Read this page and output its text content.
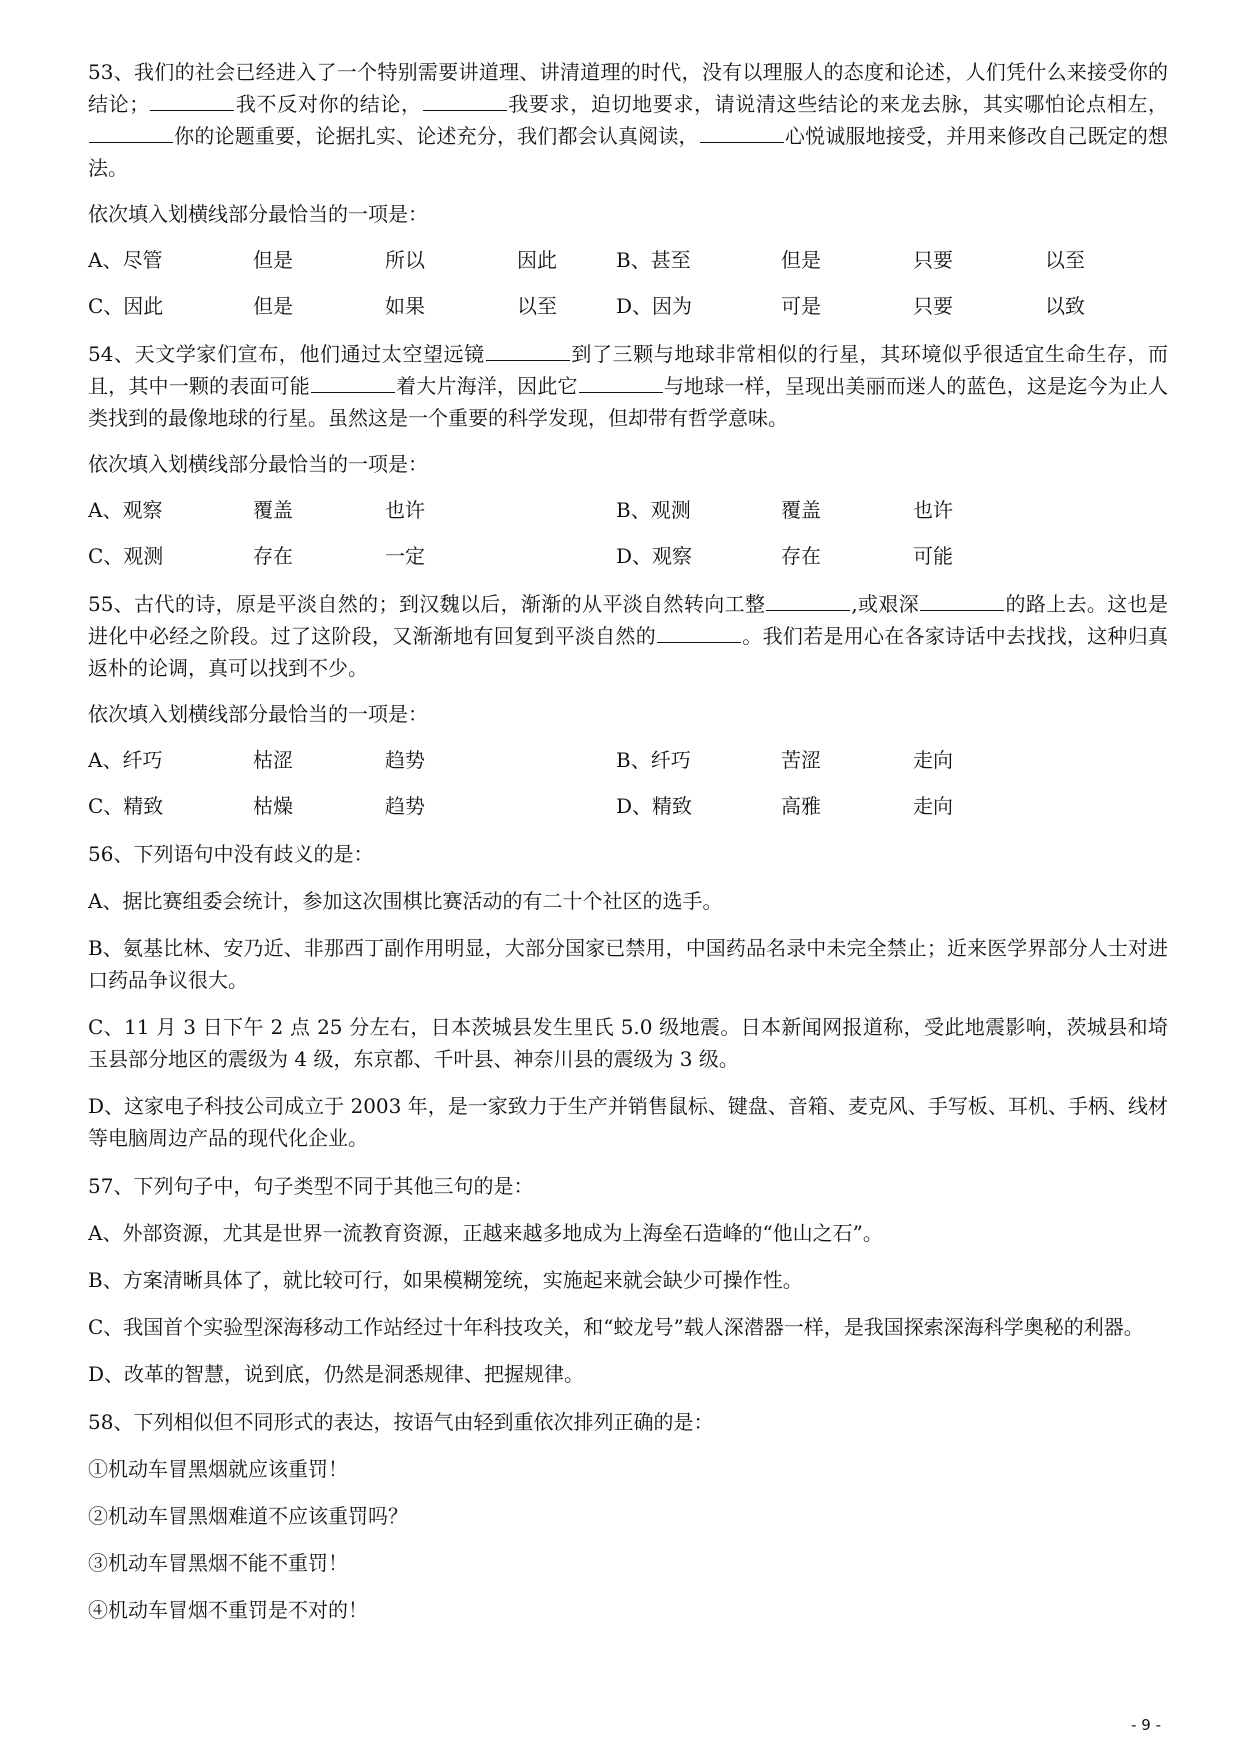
53、我们的社会已经进入了一个特别需要讲道理、讲清道理的时代，没有以理服人的态度和论述，人们凭什么来接受你的结论；	我不反对你的结论，	我要求，迫切地要求，请说清这些结论的来龙去脉，其实哪怕论点相左，你的论题重要，论据扎实、论述充分，我们都会认真阅读，	心悦诚服地接受，并用来修改自己既定的想法。

依次填入划横线部分最恰当的一项是：

A、尽管	但是	所以	因此	B、甚至	但是	只要	以至
C、因此	但是	如果	以至	D、因为	可是	只要	以致

54、天文学家们宣布，他们通过太空望远镜	到了三颗与地球非常相似的行星，其环境似乎很适宜生命生存，而且，其中一颗的表面可能	着大片海洋，因此它	与地球一样，呈现出美丽而迷人的蓝色，这是迄今为止人类找到的最像地球的行星。虽然这是一个重要的科学发现，但却带有哲学意味。

依次填入划横线部分最恰当的一项是：

A、观察	覆盖	也许	B、观测	覆盖	也许
C、观测	存在	一定	D、观察	存在	可能

55、古代的诗，原是平淡自然的；到汉魏以后，渐渐的从平淡自然转向工整	,或艰深	的路上去。这也是进化中必经之阶段。过了这阶段，又渐渐地有回复到平淡自然的	。我们若是用心在各家诗话中去找找，这种归真返朴的论调，真可以找到不少。

依次填入划横线部分最恰当的一项是：

A、纤巧	枯涩	趋势	B、纤巧	苦涩	走向
C、精致	枯燥	趋势	D、精致	高雅	走向

56、下列语句中没有歧义的是：

A、据比赛组委会统计，参加这次围棋比赛活动的有二十个社区的选手。

B、氨基比林、安乃近、非那西丁副作用明显，大部分国家已禁用，中国药品名录中未完全禁止；近来医学界部分人士对进口药品争议很大。

C、11 月 3 日下午 2 点 25 分左右，日本茨城县发生里氏 5.0 级地震。日本新闻网报道称，受此地震影响，茨城县和埼玉县部分地区的震级为 4 级，东京都、千叶县、神奈川县的震级为 3 级。

D、这家电子科技公司成立于 2003 年，是一家致力于生产并销售鼠标、键盘、音箱、麦克风、手写板、耳机、手柄、线材等电脑周边产品的现代化企业。

57、下列句子中，句子类型不同于其他三句的是：

A、外部资源，尤其是世界一流教育资源，正越来越多地成为上海垒石造峰的“他山之石”。

B、方案清晰具体了，就比较可行，如果模糊笼统，实施起来就会缺少可操作性。

C、我国首个实验型深海移动工作站经过十年科技攻关，和“蛟龙号”载人深潜器一样，是我国探索深海科学奥秘的利器。

D、改革的智慧，说到底，仍然是洞悉规律、把握规律。

58、下列相似但不同形式的表达，按语气由轻到重依次排列正确的是：

①机动车冒黑烟就应该重罚！

②机动车冒黑烟难道不应该重罚吗？

③机动车冒黑烟不能不重罚！

④机动车冒烟不重罚是不对的！

- 9 -
